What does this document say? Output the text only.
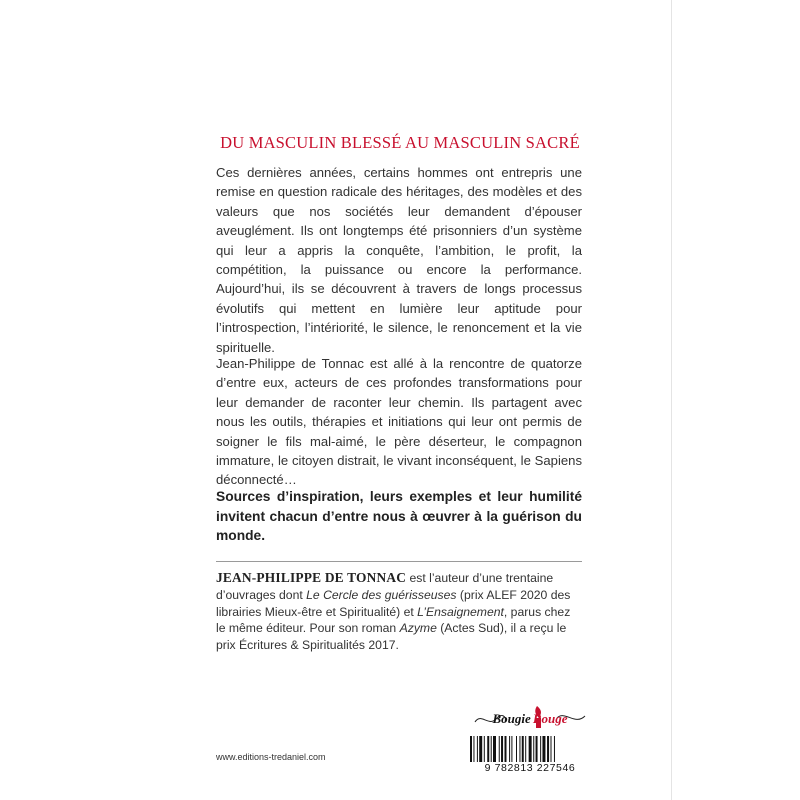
DU MASCULIN BLESSÉ AU MASCULIN SACRÉ

Ces dernières années, certains hommes ont entrepris une remise en question radicale des héritages, des modèles et des valeurs que nos sociétés leur demandent d’épouser aveuglément. Ils ont longtemps été prisonniers d’un système qui leur a appris la conquête, l’ambition, le profit, la compétition, la puissance ou encore la performance. Aujourd’hui, ils se découvrent à travers de longs processus évolutifs qui mettent en lumière leur aptitude pour l’introspection, l’intériorité, le silence, le renoncement et la vie spirituelle.

Jean-Philippe de Tonnac est allé à la rencontre de quatorze d’entre eux, acteurs de ces profondes transformations pour leur demander de raconter leur chemin. Ils partagent avec nous les outils, thérapies et initiations qui leur ont permis de soigner le fils mal-aimé, le père déserteur, le compagnon immature, le citoyen distrait, le vivant inconséquent, le Sapiens déconnecté…

Sources d’inspiration, leurs exemples et leur humilité invitent chacun d’entre nous à œuvrer à la guérison du monde.

JEAN-PHILIPPE DE TONNAC est l’auteur d’une trentaine d’ouvrages dont Le Cercle des guérisseuses (prix ALEF 2020 des librairies Mieux-être et Spiritualité) et L’Ensaignement, parus chez le même éditeur. Pour son roman Azyme (Actes Sud), il a reçu le prix Écritures & Spiritualités 2017.

www.editions-tredaniel.com
Bougie Rouge
9 782813 227546
